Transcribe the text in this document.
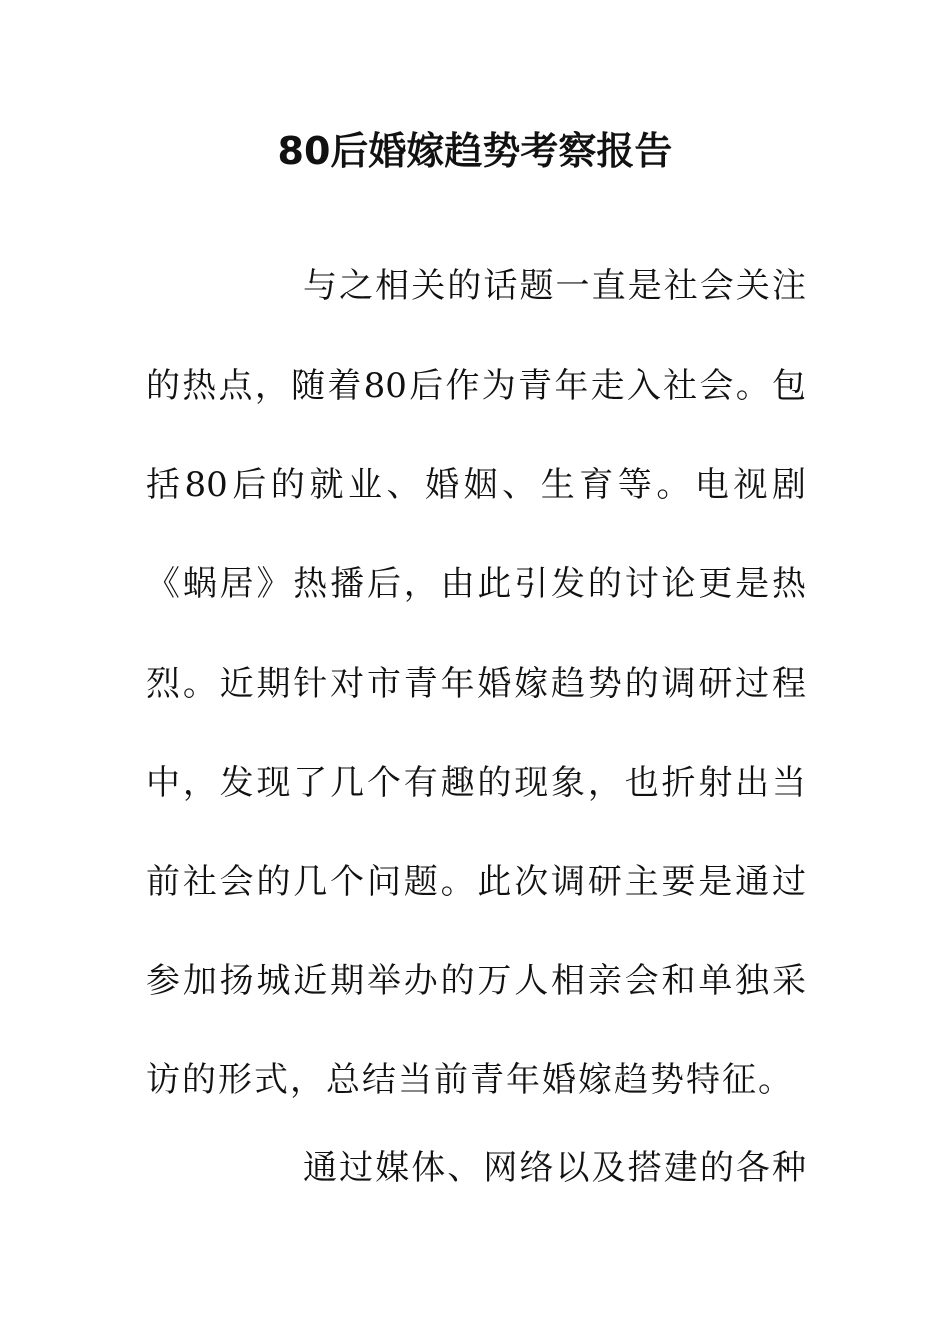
80后婚嫁趋势考察报告
与之相关的话题一直是社会关注
的热点，随着80后作为青年走入社会。包
括80后的就业、婚姻、生育等。电视剧
《蜗居》热播后，由此引发的讨论更是热
烈。近期针对市青年婚嫁趋势的调研过程
中，发现了几个有趣的现象，也折射出当
前社会的几个问题。此次调研主要是通过
参加扬城近期举办的万人相亲会和单独采
访的形式，总结当前青年婚嫁趋势特征。
通过媒体、网络以及搭建的各种
